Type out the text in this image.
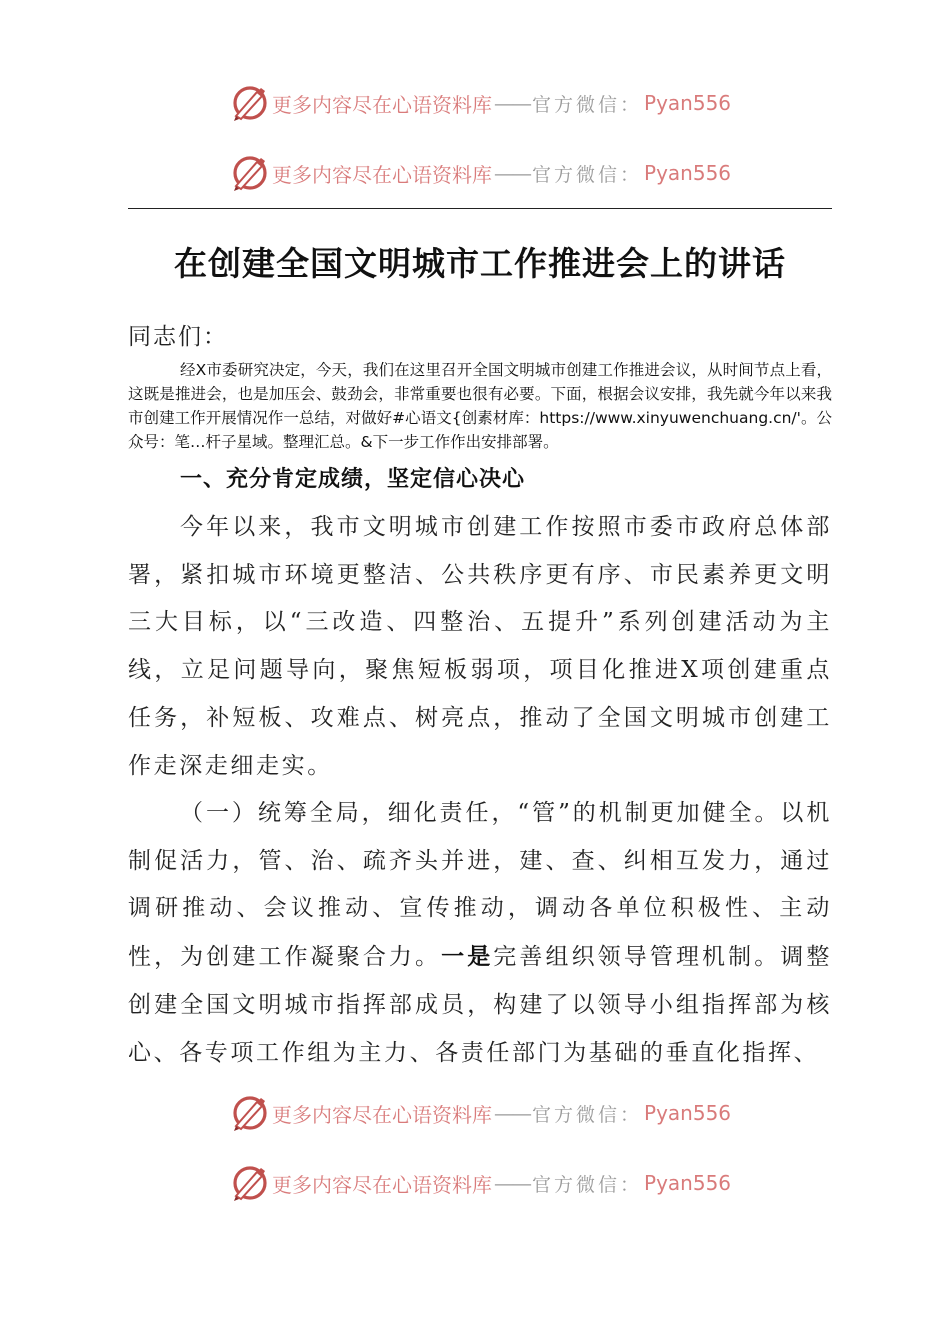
更多内容尽在心语资料库 —— 官方微信： Pyan556
更多内容尽在心语资料库 —— 官方微信： Pyan556
在创建全国文明城市工作推进会上的讲话
同志们：
经X市委研究决定，今天，我们在这里召开全国文明城市创建工作推进会议，从时间节点上看，这既是推进会，也是加压会、鼓劲会，非常重要也很有必要。下面，根据会议安排，我先就今年以来我市创建工作开展情况作一总结，对做好#心语文{创素材库：https://www.xinyuwenchuang.cn/'。公众号：笔…杆子星域。整理汇总。&下一步工作作出安排部署。
一、充分肯定成绩，坚定信心决心

今年以来，我市文明城市创建工作按照市委市政府总体部署，紧扣城市环境更整洁、公共秩序更有序、市民素养更文明三大目标，以“三改造、四整治、五提升”系列创建活动为主线，立足问题导向，聚焦短板弱项，项目化推进X项创建重点任务，补短板、攻难点、树亮点，推动了全国文明城市创建工作走深走细走实。

（一）统筹全局，细化责任，“管”的机制更加健全。以机制促活力，管、治、疏齐头并进，建、查、纠相互发力，通过调研推动、会议推动、宣传推动，调动各单位积极性、主动性，为创建工作凝聚合力。一是完善组织领导管理机制。调整创建全国文明城市指挥部成员，构建了以领导小组指挥部为核心、各专项工作组为主力、各责任部门为基础的垂直化指挥、

更多内容尽在心语资料库 —— 官方微信： Pyan556
更多内容尽在心语资料库 —— 官方微信： Pyan556
